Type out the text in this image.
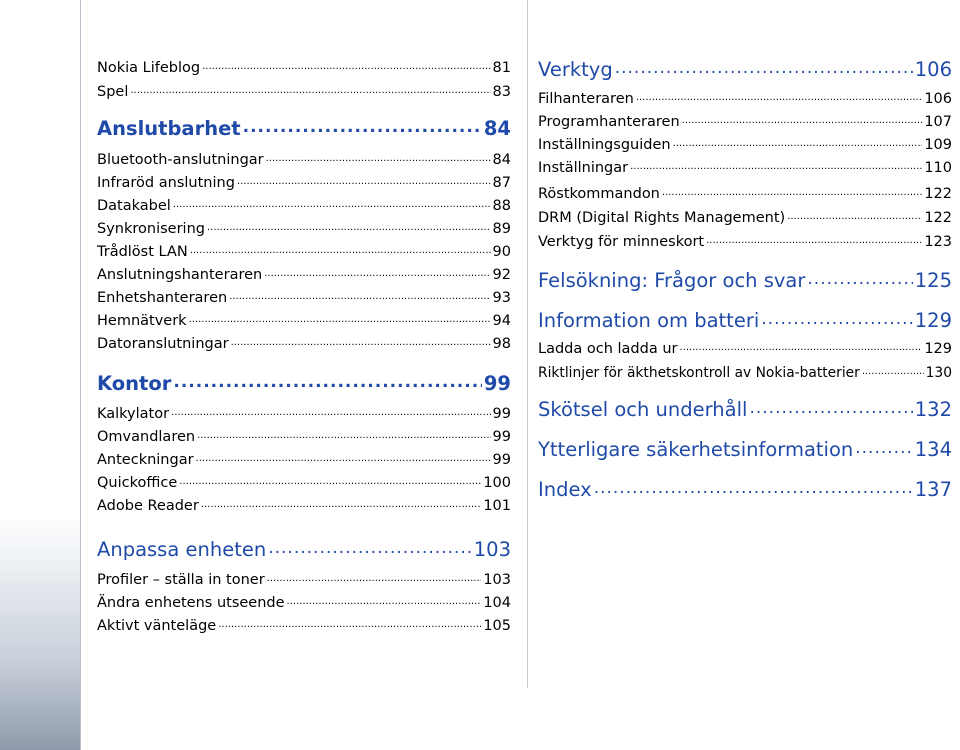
Nokia Lifeblog .....	81
Spel .....	83
Anslutbarhet .....	84
Bluetooth-anslutningar .....	84
Infraröd anslutning .....	87
Datakabel .....	88
Synkronisering .....	89
Trådlöst LAN .....	90
Anslutningshanteraren .....	92
Enhetshanteraren .....	93
Hemnätverk .....	94
Datoranslutningar .....	98
Kontor .....	99
Kalkylator .....	99
Omvandlaren .....	99
Anteckningar .....	99
Quickoffice .....	100
Adobe Reader .....	101
Anpassa enheten .....	103
Profiler – ställa in toner .....	103
Ändra enhetens utseende .....	104
Aktivt vänteläge .....	105
Verktyg .....	106
Filhanteraren .....	106
Programhanteraren .....	107
Inställningsguiden .....	109
Inställningar .....	110
Röstkommandon .....	122
DRM (Digital Rights Management) .....	122
Verktyg för minneskort .....	123
Felsökning: Frågor och svar .....	125
Information om batteri .....	129
Ladda och ladda ur .....	129
Riktlinjer för äkthetskontroll av Nokia-batterier .....	130
Skötsel och underhåll .....	132
Ytterligare säkerhetsinformation .....	134
Index .....	137
